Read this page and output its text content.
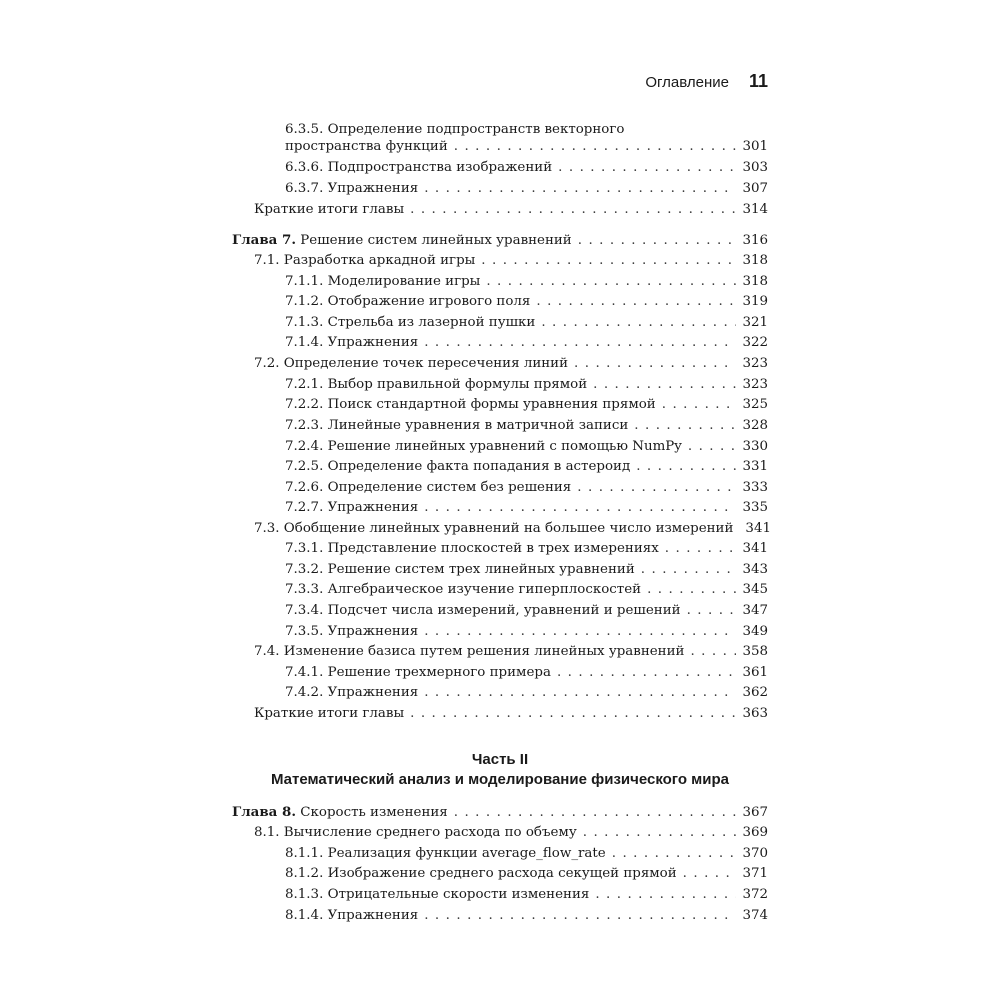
Оглавление 11
6.3.5. Определение подпространств векторного
пространства функций . . .	301
6.3.6. Подпространства изображений . . .	303
6.3.7. Упражнения . . .	307
Краткие итоги главы . . .	314
Глава 7. Решение систем линейных уравнений . . .	316
7.1. Разработка аркадной игры . . .	318
7.1.1. Моделирование игры . . .	318
7.1.2. Отображение игрового поля . . .	319
7.1.3. Стрельба из лазерной пушки . . .	321
7.1.4. Упражнения . . .	322
7.2. Определение точек пересечения линий . . .	323
7.2.1. Выбор правильной формулы прямой . . .	323
7.2.2. Поиск стандартной формы уравнения прямой . . .	325
7.2.3. Линейные уравнения в матричной записи . . .	328
7.2.4. Решение линейных уравнений с помощью NumPy . . .	330
7.2.5. Определение факта попадания в астероид . . .	331
7.2.6. Определение систем без решения . . .	333
7.2.7. Упражнения . . .	335
7.3. Обобщение линейных уравнений на большее число измерений 341
7.3.1. Представление плоскостей в трех измерениях . . .	341
7.3.2. Решение систем трех линейных уравнений . . .	343
7.3.3. Алгебраическое изучение гиперплоскостей . . .	345
7.3.4. Подсчет числа измерений, уравнений и решений . . .	347
7.3.5. Упражнения . . .	349
7.4. Изменение базиса путем решения линейных уравнений . . .	358
7.4.1. Решение трехмерного примера . . .	361
7.4.2. Упражнения . . .	362
Краткие итоги главы . . .	363
Часть II
Математический анализ и моделирование физического мира
Глава 8. Скорость изменения . . .	367
8.1. Вычисление среднего расхода по объему . . .	369
8.1.1. Реализация функции average_flow_rate . . .	370
8.1.2. Изображение среднего расхода секущей прямой . . .	371
8.1.3. Отрицательные скорости изменения . . .	372
8.1.4. Упражнения . . .	374
